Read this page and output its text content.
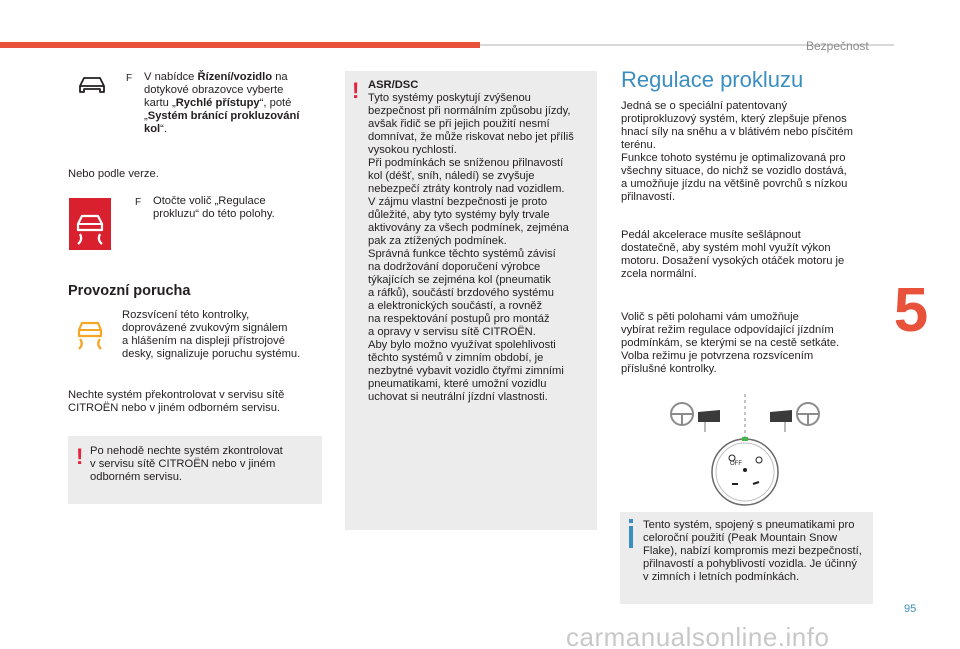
Bezpečnost
5
F V nabídce Řízení/vozidlo na
dotykové obrazovce vyberte
kartu „Rychlé přístupy“, poté
„Systém bránící prokluzování
kol“.
Nebo podle verze.
F Otočte volič „Regulace
prokluzu“ do této polohy.
Provozní porucha
Rozsvícení této kontrolky,
doprovázené zvukovým signálem
a hlášením na displeji přístrojové
desky, signalizuje poruchu systému.
Nechte systém překontrolovat v servisu sítě
CITROËN nebo v jiném odborném servisu.
! Po nehodě nechte systém zkontrolovat
v servisu sítě CITROËN nebo v jiném
odborném servisu.
! ASR/DSC
Tyto systémy poskytují zvýšenou
bezpečnost při normálním způsobu jízdy,
avšak řidič se při jejich použití nesmí
domnívat, že může riskovat nebo jet příliš
vysokou rychlostí.
Při podmínkách se sníženou přilnavostí
kol (déšť, sníh, náledí) se zvyšuje
nebezpečí ztráty kontroly nad vozidlem.
V zájmu vlastní bezpečnosti je proto
důležité, aby tyto systémy byly trvale
aktivovány za všech podmínek, zejména
pak za ztížených podmínek.
Správná funkce těchto systémů závisí
na dodržování doporučení výrobce
týkajících se zejména kol (pneumatik
a ráfků), součástí brzdového systému
a elektronických součástí, a rovněž
na respektování postupů pro montáž
a opravy v servisu sítě CITROËN.
Aby bylo možno využívat spolehlivosti
těchto systémů v zimním období, je
nezbytné vybavit vozidlo čtyřmi zimními
pneumatikami, které umožní vozidlu
uchovat si neutrální jízdní vlastnosti.
Regulace prokluzu
Jedná se o speciální patentovaný
protiprokluzový systém, který zlepšuje přenos
hnací síly na sněhu a v blátivém nebo písčitém
terénu.
Funkce tohoto systému je optimalizovaná pro
všechny situace, do nichž se vozidlo dostává,
a umožňuje jízdu na většině povrchů s nízkou
přilnavostí.
Pedál akcelerace musíte sešlápnout
dostatečně, aby systém mohl využít výkon
motoru. Dosažení vysokých otáček motoru je
zcela normální.
Volič s pěti polohami vám umožňuje
vybírat režim regulace odpovídající jízdním
podmínkám, se kterými se na cestě setkáte.
Volba režimu je potvrzena rozsvícením
příslušné kontrolky.
OFF
Tento systém, spojený s pneumatikami pro
celoroční použití (Peak Mountain Snow
Flake), nabízí kompromis mezi bezpečností,
přilnavostí a pohyblivostí vozidla. Je účinný
v zimních i letních podmínkách.
95
carmanualsonline.info
